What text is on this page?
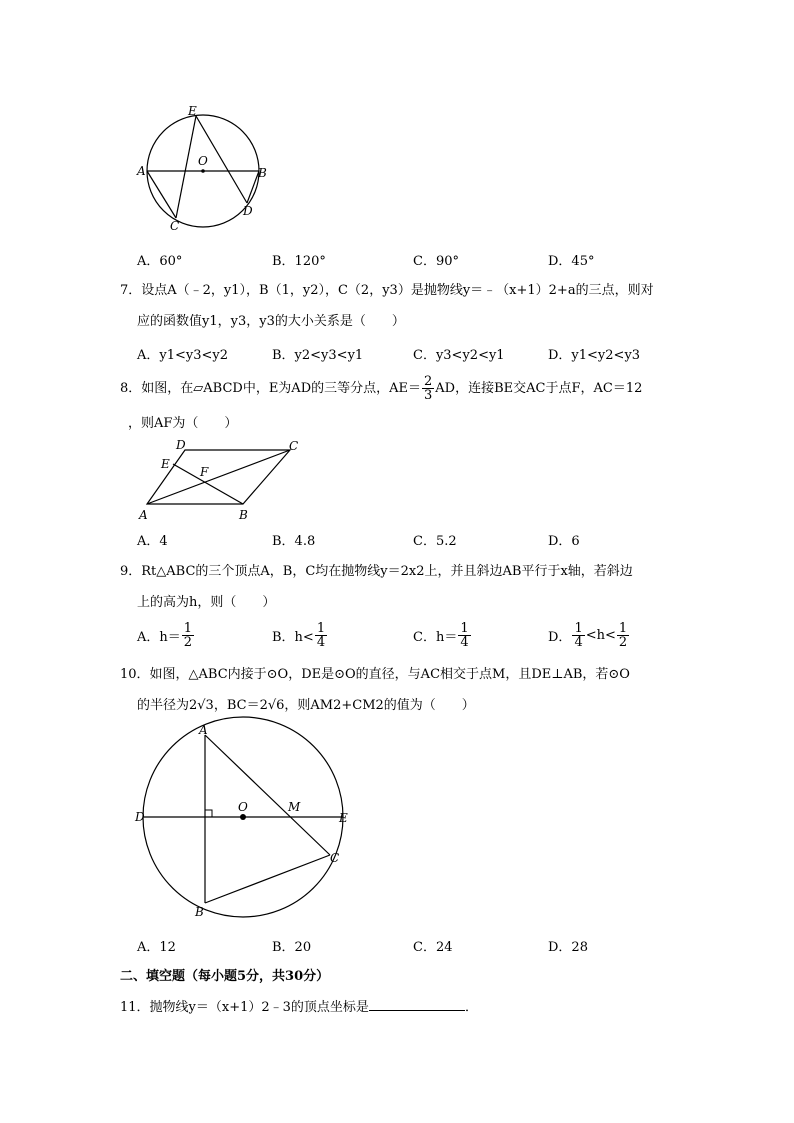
E
O
A	B
C
D
A．60°	B．120°	C．90°	D．45°
7．设点A（﹣2，y1），B（1，y2），C（2，y3）是抛物线y＝﹣（x+1）2+a的三点，则对
应的函数值y1，y3，y3的大小关系是（　　）
A．y1<y3<y2	B．y2<y3<y1	C．y3<y2<y1	D．y1<y2<y3
8．如图，在▱ABCD中，E为AD的三等分点，$AE= \frac{2}{3}$ AD，连接BE交AC于点F，AC＝12
，则AF为（　　）
D	C
E
F
A	B
A．4	B．4.8	C．5.2	D．6
9．Rt△ABC的三个顶点A，B，C均在抛物线y＝2x2上，并且斜边AB平行于x轴，若斜边
上的高为h，则（　　）
A．$h= \frac{1}{2}$	B．$h< \frac{1}{4}$	C．$h= \frac{1}{4}$	D． $\frac{1}{4} <h< \frac{1}{2}$
10．如图，△ABC内接于⊙O，DE是⊙O的直径，与AC相交于点M，且DE⊥AB，若⊙O
的半径为2√3，BC＝2√6，则AM2+CM2的值为（　　）
A
D
O	M
E
C
B
A．12	B．20	C．24	D．28
二、填空题（每小题5分，共30分）
11．抛物线y＝（x+1）2﹣3的顶点坐标是	．
